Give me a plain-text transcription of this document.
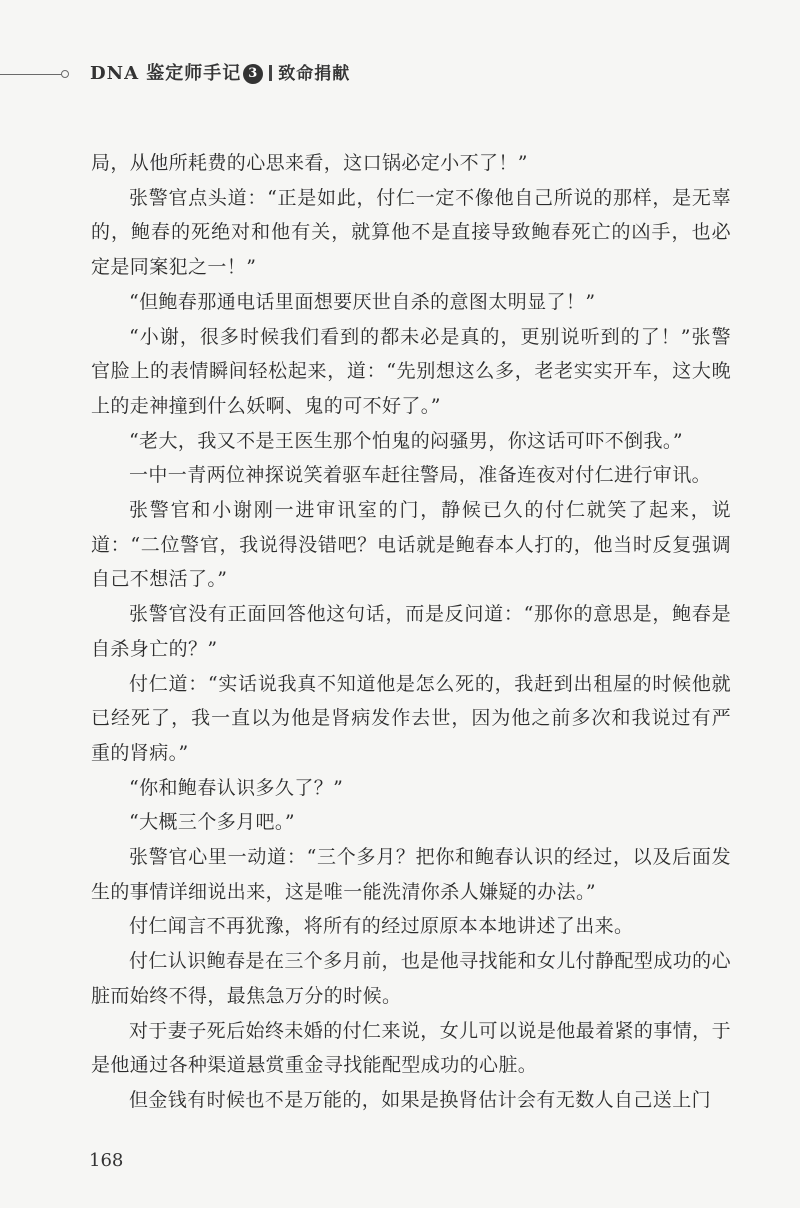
DNA 鉴定师手记 3 致命捐献

局，从他所耗费的心思来看，这口锅必定小不了！”

张警官点头道：“正是如此，付仁一定不像他自己所说的那样，是无辜的，鲍春的死绝对和他有关，就算他不是直接导致鲍春死亡的凶手，也必定是同案犯之一！”

“但鲍春那通电话里面想要厌世自杀的意图太明显了！”

“小谢，很多时候我们看到的都未必是真的，更别说听到的了！”张警官脸上的表情瞬间轻松起来，道：“先别想这么多，老老实实开车，这大晚上的走神撞到什么妖啊、鬼的可不好了。”

“老大，我又不是王医生那个怕鬼的闷骚男，你这话可吓不倒我。”

一中一青两位神探说笑着驱车赶往警局，准备连夜对付仁进行审讯。

张警官和小谢刚一进审讯室的门，静候已久的付仁就笑了起来，说道：“二位警官，我说得没错吧？电话就是鲍春本人打的，他当时反复强调自己不想活了。”

张警官没有正面回答他这句话，而是反问道：“那你的意思是，鲍春是自杀身亡的？”

付仁道：“实话说我真不知道他是怎么死的，我赶到出租屋的时候他就已经死了，我一直以为他是肾病发作去世，因为他之前多次和我说过有严重的肾病。”

“你和鲍春认识多久了？”

“大概三个多月吧。”

张警官心里一动道：“三个多月？把你和鲍春认识的经过，以及后面发生的事情详细说出来，这是唯一能洗清你杀人嫌疑的办法。”

付仁闻言不再犹豫，将所有的经过原原本本地讲述了出来。

付仁认识鲍春是在三个多月前，也是他寻找能和女儿付静配型成功的心脏而始终不得，最焦急万分的时候。

对于妻子死后始终未婚的付仁来说，女儿可以说是他最着紧的事情，于是他通过各种渠道悬赏重金寻找能配型成功的心脏。

但金钱有时候也不是万能的，如果是换肾估计会有无数人自己送上门

168
